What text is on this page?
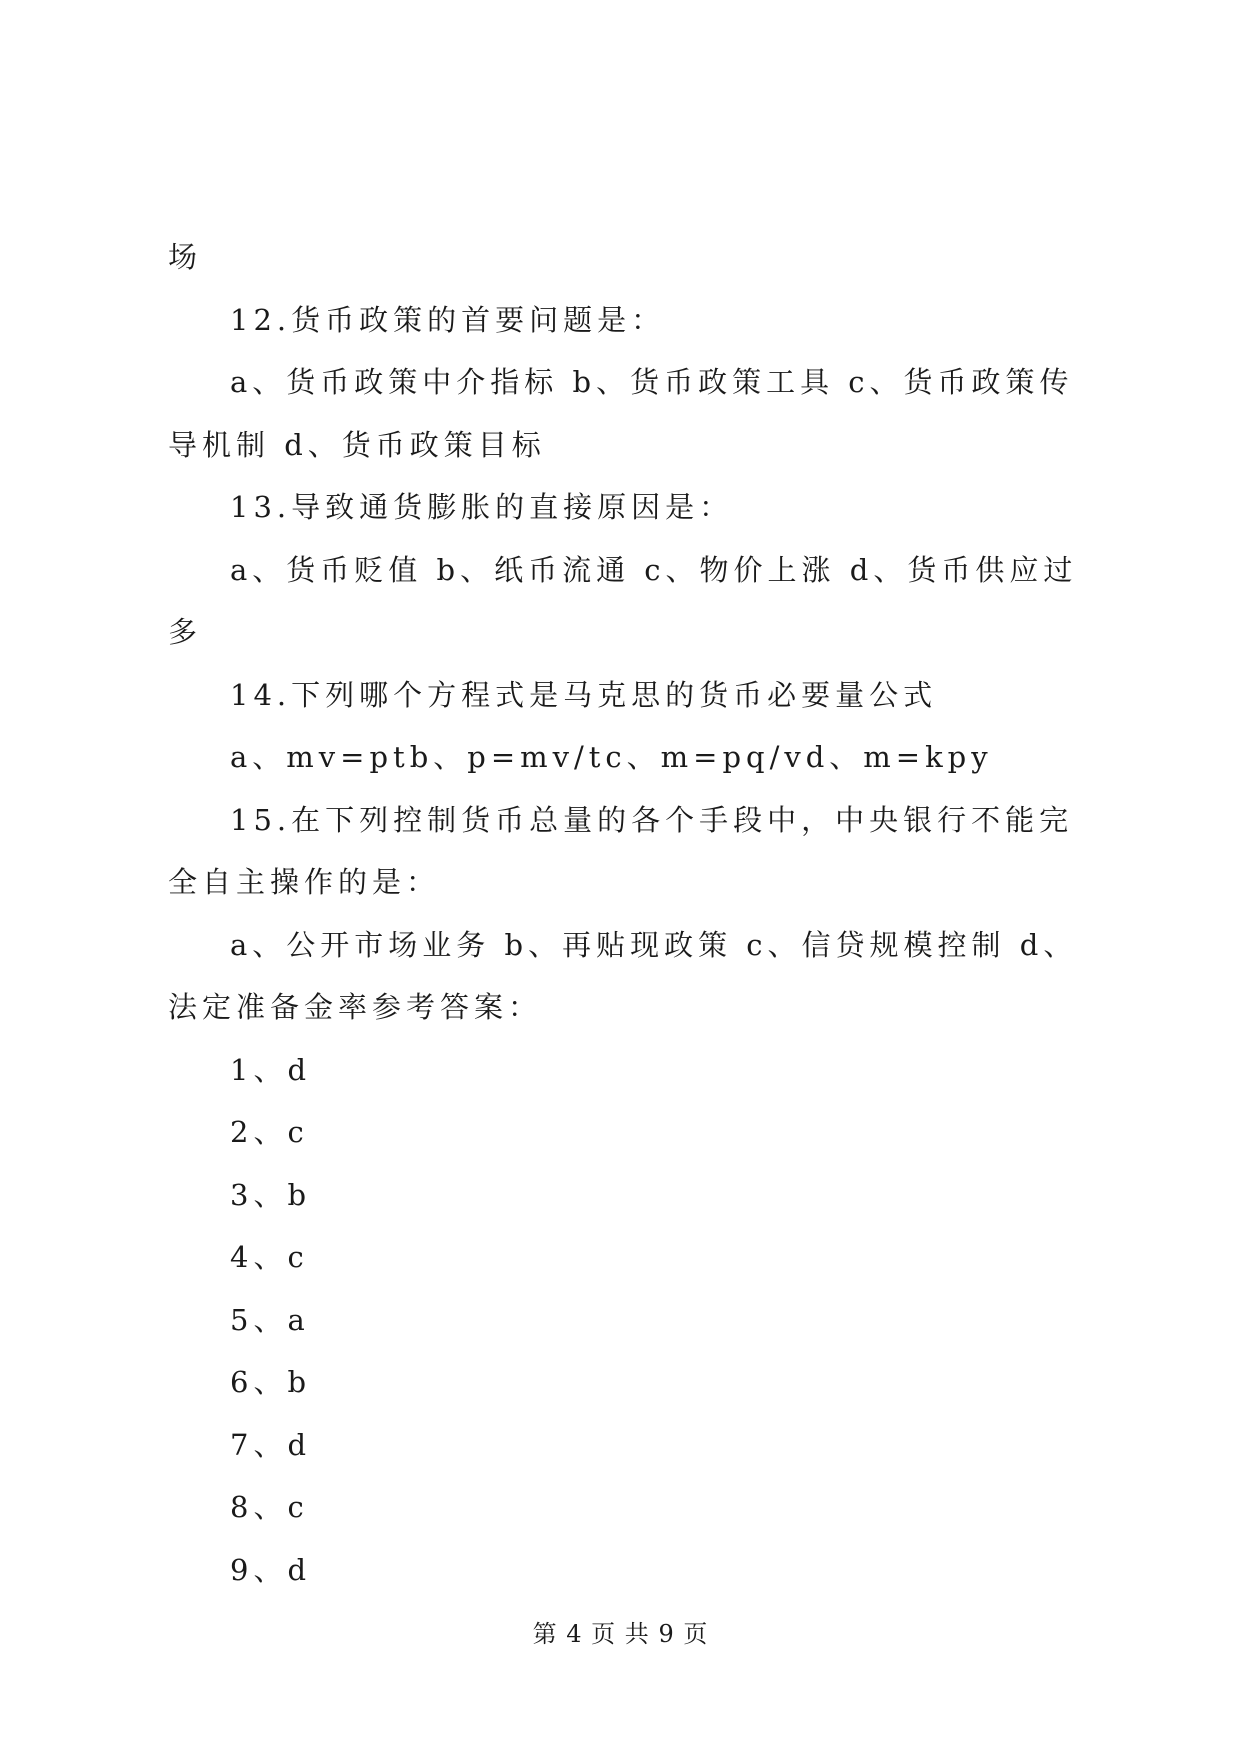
场

12.货币政策的首要问题是：

a、货币政策中介指标 b、货币政策工具 c、货币政策传导机制 d、货币政策目标

13.导致通货膨胀的直接原因是：

a、货币贬值 b、纸币流通 c、物价上涨 d、货币供应过多

14.下列哪个方程式是马克思的货币必要量公式

a、mv=ptb、p=mv/tc、m=pq/vd、m=kpy

15.在下列控制货币总量的各个手段中，中央银行不能完全自主操作的是：

a、公开市场业务 b、再贴现政策 c、信贷规模控制 d、法定准备金率参考答案：

1、d

2、c

3、b

4、c

5、a

6、b

7、d

8、c

9、d

第 4 页 共 9 页
